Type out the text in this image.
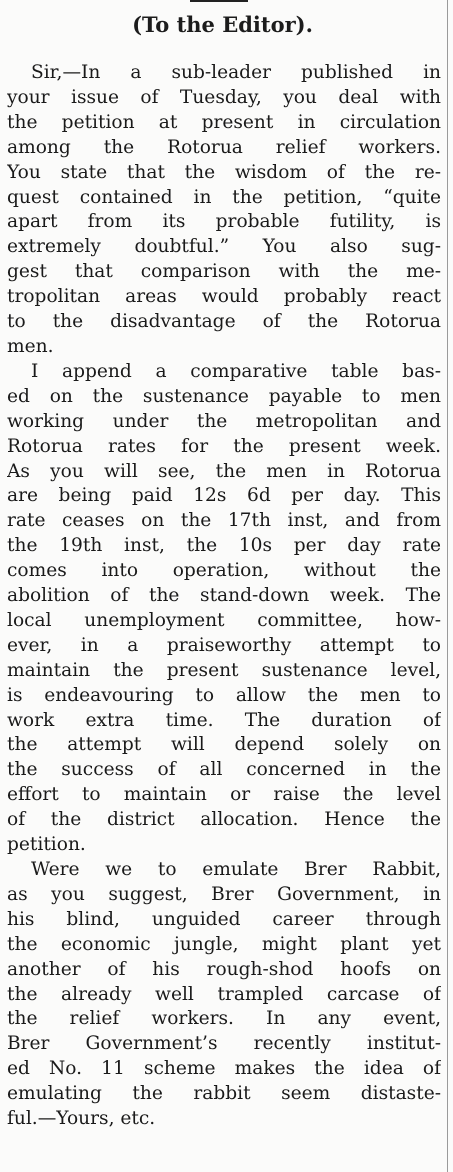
(To the Editor).

Sir,—In a sub-leader published in
your issue of Tuesday, you deal with
the petition at present in circulation
among the Rotorua relief workers.
You state that the wisdom of the re-
quest contained in the petition, “quite
apart from its probable futility, is
extremely doubtful.” You also sug-
gest that comparison with the me-
tropolitan areas would probably react
to the disadvantage of the Rotorua
men.

I append a comparative table bas-
ed on the sustenance payable to men
working under the metropolitan and
Rotorua rates for the present week.
As you will see, the men in Rotorua
are being paid 12s 6d per day. This
rate ceases on the 17th inst, and from
the 19th inst, the 10s per day rate
comes into operation, without the
abolition of the stand-down week. The
local unemployment committee, how-
ever, in a praiseworthy attempt to
maintain the present sustenance level,
is endeavouring to allow the men to
work extra time. The duration of
the attempt will depend solely on
the success of all concerned in the
effort to maintain or raise the level
of the district allocation. Hence the
petition.

Were we to emulate Brer Rabbit,
as you suggest, Brer Government, in
his blind, unguided career through
the economic jungle, might plant yet
another of his rough-shod hoofs on
the already well trampled carcase of
the relief workers. In any event,
Brer Government’s recently institut-
ed No. 11 scheme makes the idea of
emulating the rabbit seem distaste-
ful.—Yours, etc.
